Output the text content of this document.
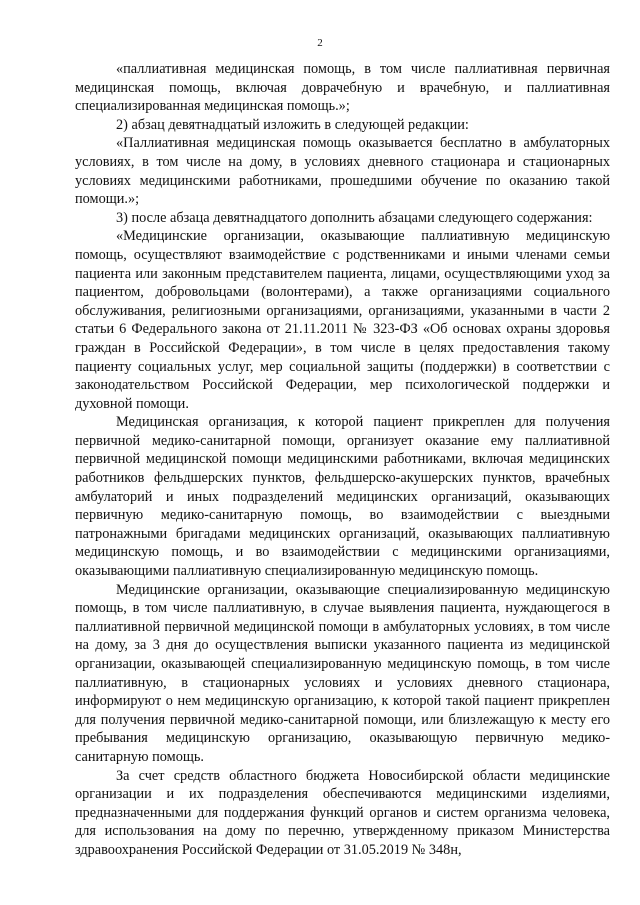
2

«паллиативная медицинская помощь, в том числе паллиативная первичная медицинская помощь, включая доврачебную и врачебную, и паллиативная специализированная медицинская помощь.»;

2) абзац девятнадцатый изложить в следующей редакции:

«Паллиативная медицинская помощь оказывается бесплатно в амбулаторных условиях, в том числе на дому, в условиях дневного стационара и стационарных условиях медицинскими работниками, прошедшими обучение по оказанию такой помощи.»;

3) после абзаца девятнадцатого дополнить абзацами следующего содержания:

«Медицинские организации, оказывающие паллиативную медицинскую помощь, осуществляют взаимодействие с родственниками и иными членами семьи пациента или законным представителем пациента, лицами, осуществляющими уход за пациентом, добровольцами (волонтерами), а также организациями социального обслуживания, религиозными организациями, организациями, указанными в части 2 статьи 6 Федерального закона от 21.11.2011 № 323-ФЗ «Об основах охраны здоровья граждан в Российской Федерации», в том числе в целях предоставления такому пациенту социальных услуг, мер социальной защиты (поддержки) в соответствии с законодательством Российской Федерации, мер психологической поддержки и духовной помощи.

Медицинская организация, к которой пациент прикреплен для получения первичной медико-санитарной помощи, организует оказание ему паллиативной первичной медицинской помощи медицинскими работниками, включая медицинских работников фельдшерских пунктов, фельдшерско-акушерских пунктов, врачебных амбулаторий и иных подразделений медицинских организаций, оказывающих первичную медико-санитарную помощь, во взаимодействии с выездными патронажными бригадами медицинских организаций, оказывающих паллиативную медицинскую помощь, и во взаимодействии с медицинскими организациями, оказывающими паллиативную специализированную медицинскую помощь.

Медицинские организации, оказывающие специализированную медицинскую помощь, в том числе паллиативную, в случае выявления пациента, нуждающегося в паллиативной первичной медицинской помощи в амбулаторных условиях, в том числе на дому, за 3 дня до осуществления выписки указанного пациента из медицинской организации, оказывающей специализированную медицинскую помощь, в том числе паллиативную, в стационарных условиях и условиях дневного стационара, информируют о нем медицинскую организацию, к которой такой пациент прикреплен для получения первичной медико-санитарной помощи, или близлежащую к месту его пребывания медицинскую организацию, оказывающую первичную медико-санитарную помощь.

За счет средств областного бюджета Новосибирской области медицинские организации и их подразделения обеспечиваются медицинскими изделиями, предназначенными для поддержания функций органов и систем организма человека, для использования на дому по перечню, утвержденному приказом Министерства здравоохранения Российской Федерации от 31.05.2019 № 348н,
